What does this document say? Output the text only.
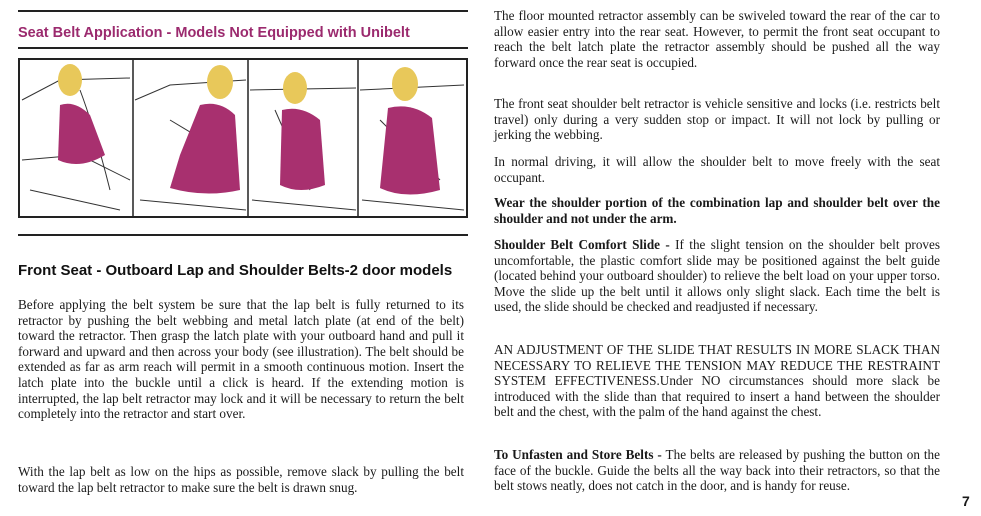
Seat Belt Application - Models Not Equipped with Unibelt
Front Seat - Outboard Lap and Shoulder Belts-2 door models

Before applying the belt system be sure that the lap belt is fully returned to its retractor by pushing the belt webbing and metal latch plate (at end of the belt) toward the retractor. Then grasp the latch plate with your outboard hand and pull it forward and upward and then across your body (see illustration). The belt should be extended as far as arm reach will permit in a smooth continuous motion. Insert the latch plate into the buckle until a click is heard. If the extending motion is interrupted, the lap belt retractor may lock and it will be necessary to return the belt completely into the retractor and start over.

With the lap belt as low on the hips as possible, remove slack by pulling the belt toward the lap belt retractor to make sure the belt is drawn snug.

The floor mounted retractor assembly can be swiveled toward the rear of the car to allow easier entry into the rear seat. However, to permit the front seat occupant to reach the belt latch plate the retractor assembly should be pushed all the way forward once the rear seat is occupied.

The front seat shoulder belt retractor is vehicle sensitive and locks (i.e. restricts belt travel) only during a very sudden stop or impact. It will not lock by pulling or jerking the webbing.

In normal driving, it will allow the shoulder belt to move freely with the seat occupant.

Wear the shoulder portion of the combination lap and shoulder belt over the shoulder and not under the arm.

Shoulder Belt Comfort Slide - If the slight tension on the shoulder belt proves uncomfortable, the plastic comfort slide may be positioned against the belt guide (located behind your outboard shoulder) to relieve the belt load on your upper torso. Move the slide up the belt until it allows only slight slack. Each time the belt is used, the slide should be checked and readjusted if necessary.

AN ADJUSTMENT OF THE SLIDE THAT RESULTS IN MORE SLACK THAN NECESSARY TO RELIEVE THE TENSION MAY REDUCE THE RESTRAINT SYSTEM EFFECTIVENESS.Under NO circumstances should more slack be introduced with the slide than that required to insert a hand between the shoulder belt and the chest, with the palm of the hand against the chest.

To Unfasten and Store Belts - The belts are released by pushing the button on the face of the buckle. Guide the belts all the way back into their retractors, so that the belt stows neatly, does not catch in the door, and is handy for reuse.

7
